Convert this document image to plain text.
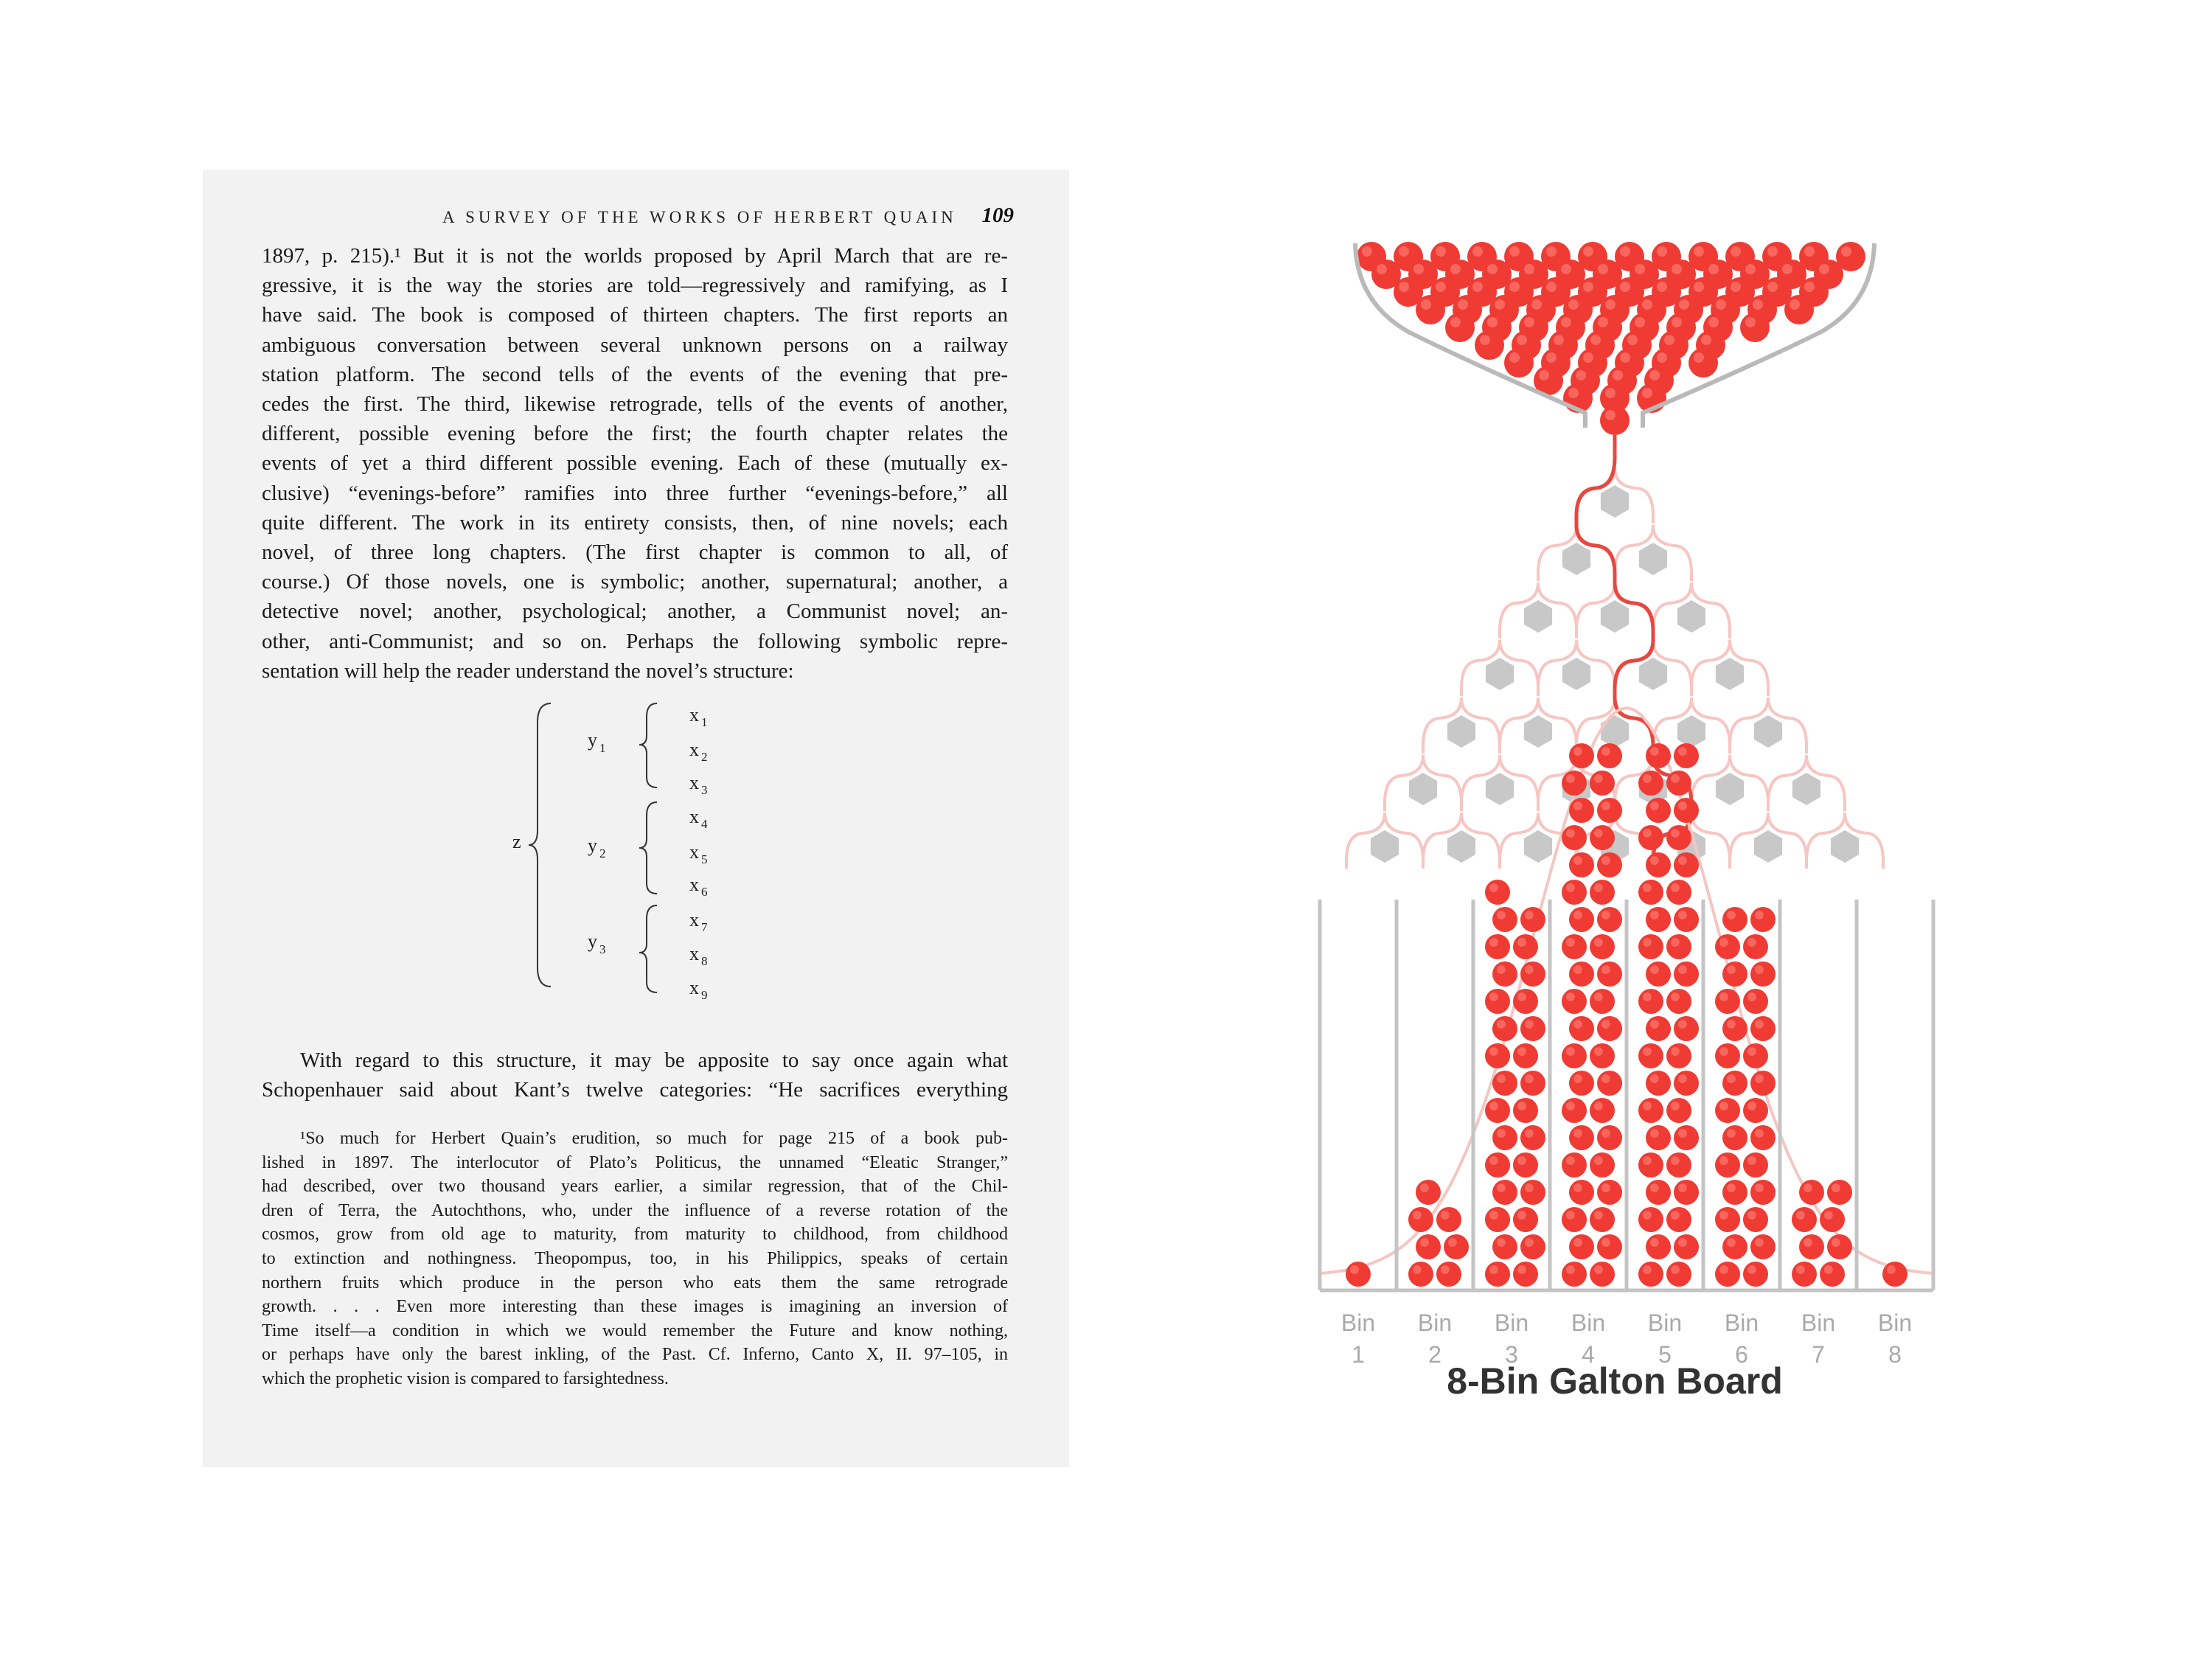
A SURVEY OF THE WORKS OF HERBERT QUAIN 109
1897, p. 215).¹ But it is not the worlds proposed by April March that are re-
gressive, it is the way the stories are told—regressively and ramifying, as I
have said. The book is composed of thirteen chapters. The first reports an
ambiguous conversation between several unknown persons on a railway
station platform. The second tells of the events of the evening that pre-
cedes the first. The third, likewise retrograde, tells of the events of another,
different, possible evening before the first; the fourth chapter relates the
events of yet a third different possible evening. Each of these (mutually ex-
clusive) “evenings-before” ramifies into three further “evenings-before,” all
quite different. The work in its entirety consists, then, of nine novels; each
novel, of three long chapters. (The first chapter is common to all, of
course.) Of those novels, one is symbolic; another, supernatural; another, a
detective novel; another, psychological; another, a Communist novel; an-
other, anti-Communist; and so on. Perhaps the following symbolic repre-
sentation will help the reader understand the novel’s structure:
z
y 1
y 2
y 3
x 1
x 2
x 3
x 4
x 5
x 6
x 7
x 8
x 9
With regard to this structure, it may be apposite to say once again what
Schopenhauer said about Kant’s twelve categories: “He sacrifices everything
¹So much for Herbert Quain’s erudition, so much for page 215 of a book pub-
lished in 1897. The interlocutor of Plato’s Politicus, the unnamed “Eleatic Stranger,”
had described, over two thousand years earlier, a similar regression, that of the Chil-
dren of Terra, the Autochthons, who, under the influence of a reverse rotation of the
cosmos, grow from old age to maturity, from maturity to childhood, from childhood
to extinction and nothingness. Theopompus, too, in his Philippics, speaks of certain
northern fruits which produce in the person who eats them the same retrograde
growth. . . . Even more interesting than these images is imagining an inversion of
Time itself—a condition in which we would remember the Future and know nothing,
or perhaps have only the barest inkling, of the Past. Cf. Inferno, Canto X, II. 97–105, in
which the prophetic vision is compared to farsightedness.
Bin
1
Bin
2
Bin
3
Bin
4
Bin
5
Bin
6
Bin
7
Bin
8
8-Bin Galton Board
